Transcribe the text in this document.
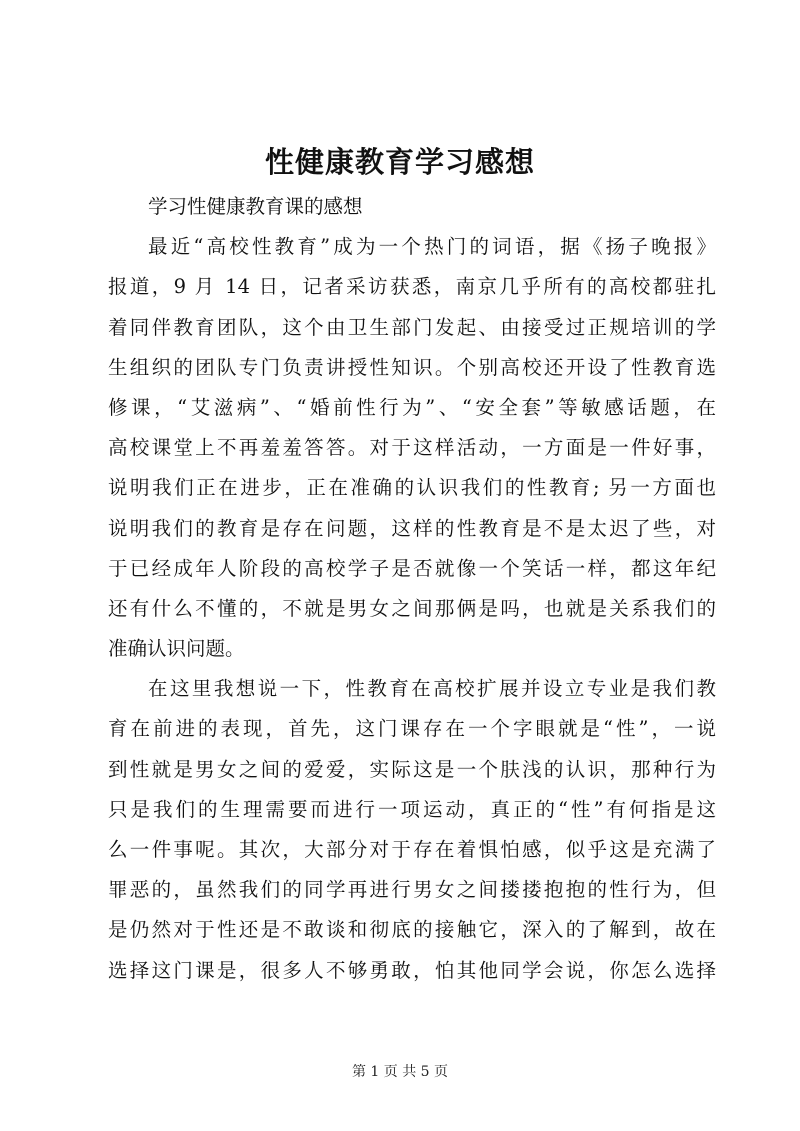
性健康教育学习感想
学习性健康教育课的感想
最近“高校性教育”成为一个热门的词语，据《扬子晚报》
报道，9 月 14 日，记者采访获悉，南京几乎所有的高校都驻扎
着同伴教育团队，这个由卫生部门发起、由接受过正规培训的学
生组织的团队专门负责讲授性知识。个别高校还开设了性教育选
修课，“艾滋病”、“婚前性行为”、“安全套”等敏感话题，在
高校课堂上不再羞羞答答。对于这样活动，一方面是一件好事，
说明我们正在进步，正在准确的认识我们的性教育; 另一方面也
说明我们的教育是存在问题，这样的性教育是不是太迟了些，对
于已经成年人阶段的高校学子是否就像一个笑话一样，都这年纪
还有什么不懂的，不就是男女之间那俩是吗，也就是关系我们的
准确认识问题。
在这里我想说一下，性教育在高校扩展并设立专业是我们教
育在前进的表现，首先，这门课存在一个字眼就是“性”，一说
到性就是男女之间的爱爱，实际这是一个肤浅的认识，那种行为
只是我们的生理需要而进行一项运动，真正的“性”有何指是这
么一件事呢。其次，大部分对于存在着惧怕感，似乎这是充满了
罪恶的，虽然我们的同学再进行男女之间搂搂抱抱的性行为，但
是仍然对于性还是不敢谈和彻底的接触它，深入的了解到，故在
选择这门课是，很多人不够勇敢，怕其他同学会说，你怎么选择
第 1 页 共 5 页
